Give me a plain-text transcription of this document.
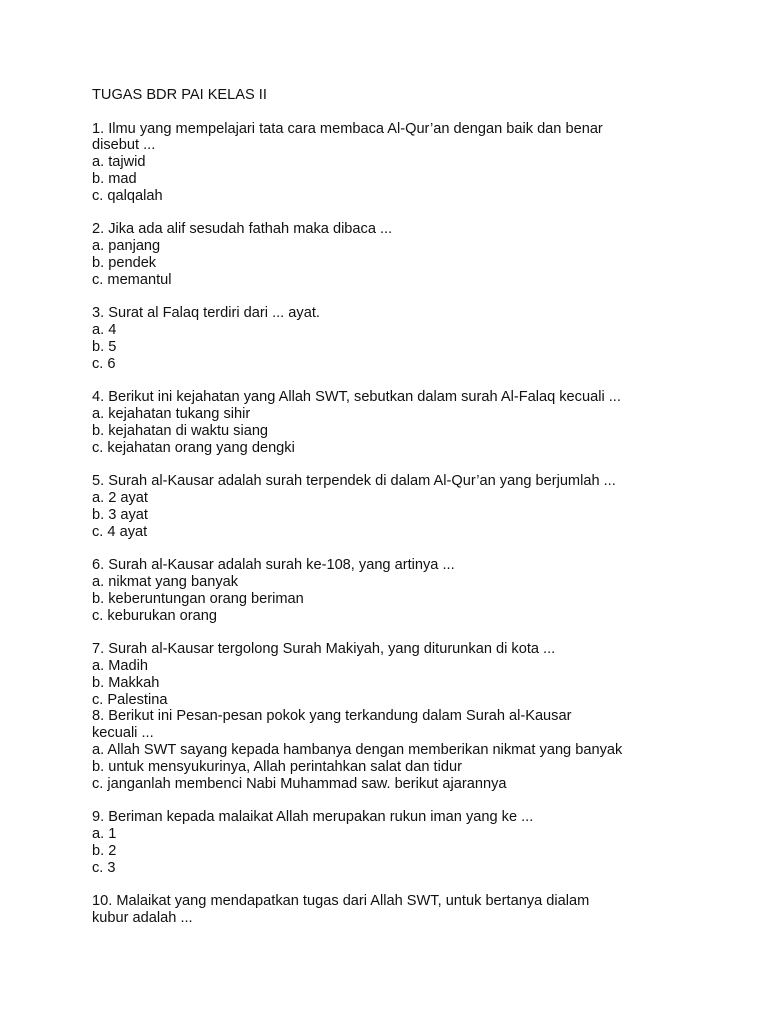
TUGAS BDR PAI KELAS II
1. Ilmu yang mempelajari tata cara membaca Al-Qur’an dengan baik dan benar
disebut ...
a. tajwid
b. mad
c. qalqalah
2. Jika ada alif sesudah fathah maka dibaca ...
a. panjang
b. pendek
c. memantul
3. Surat al Falaq terdiri dari ... ayat.
a. 4
b. 5
c. 6
4. Berikut ini kejahatan yang Allah SWT, sebutkan dalam surah Al-Falaq kecuali ...
a. kejahatan tukang sihir
b. kejahatan di waktu siang
c. kejahatan orang yang dengki
5. Surah al-Kausar adalah surah terpendek di dalam Al-Qur’an yang berjumlah ...
a. 2 ayat
b. 3 ayat
c. 4 ayat
6. Surah al-Kausar adalah surah ke-108, yang artinya ...
a. nikmat yang banyak
b. keberuntungan orang beriman
c. keburukan orang
7. Surah al-Kausar tergolong Surah Makiyah, yang diturunkan di kota ...
a. Madih
b. Makkah
c. Palestina
8. Berikut ini Pesan-pesan pokok yang terkandung dalam Surah al-Kausar
kecuali ...
a. Allah SWT sayang kepada hambanya dengan memberikan nikmat yang banyak
b. untuk mensyukurinya, Allah perintahkan salat dan tidur
c. janganlah membenci Nabi Muhammad saw. berikut ajarannya
9. Beriman kepada malaikat Allah merupakan rukun iman yang ke ...
a. 1
b. 2
c. 3
10. Malaikat yang mendapatkan tugas dari Allah SWT, untuk bertanya dialam
kubur adalah ...
